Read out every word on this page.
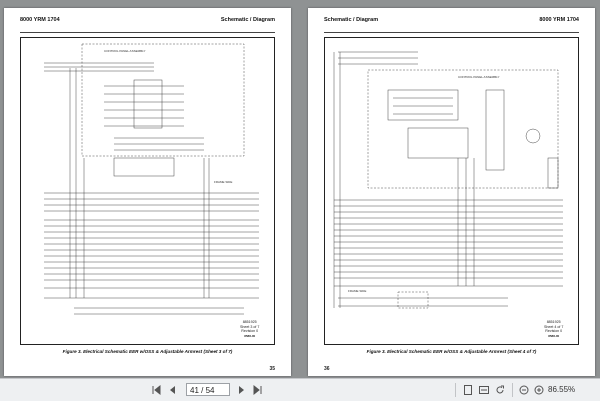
8000 YRM 1704	Schematic / Diagram
CONTROL PANEL ASSEMBLY
FRAME SIDE
8851925
Sheet 3 of 7
Revision 0
8588-00
Figure 3. Electrical Schematic EER w/OSS & Adjustable Armrest (Sheet 3 of 7)
35
Schematic / Diagram	8000 YRM 1704
CONTROL PANEL ASSEMBLY
FRAME SIDE
8851925
Sheet 4 of 7
Revision 0
8588-00
Figure 3. Electrical Schematic EER w/OSS & Adjustable Armrest (Sheet 4 of 7)
36
41 / 54	86.55%
